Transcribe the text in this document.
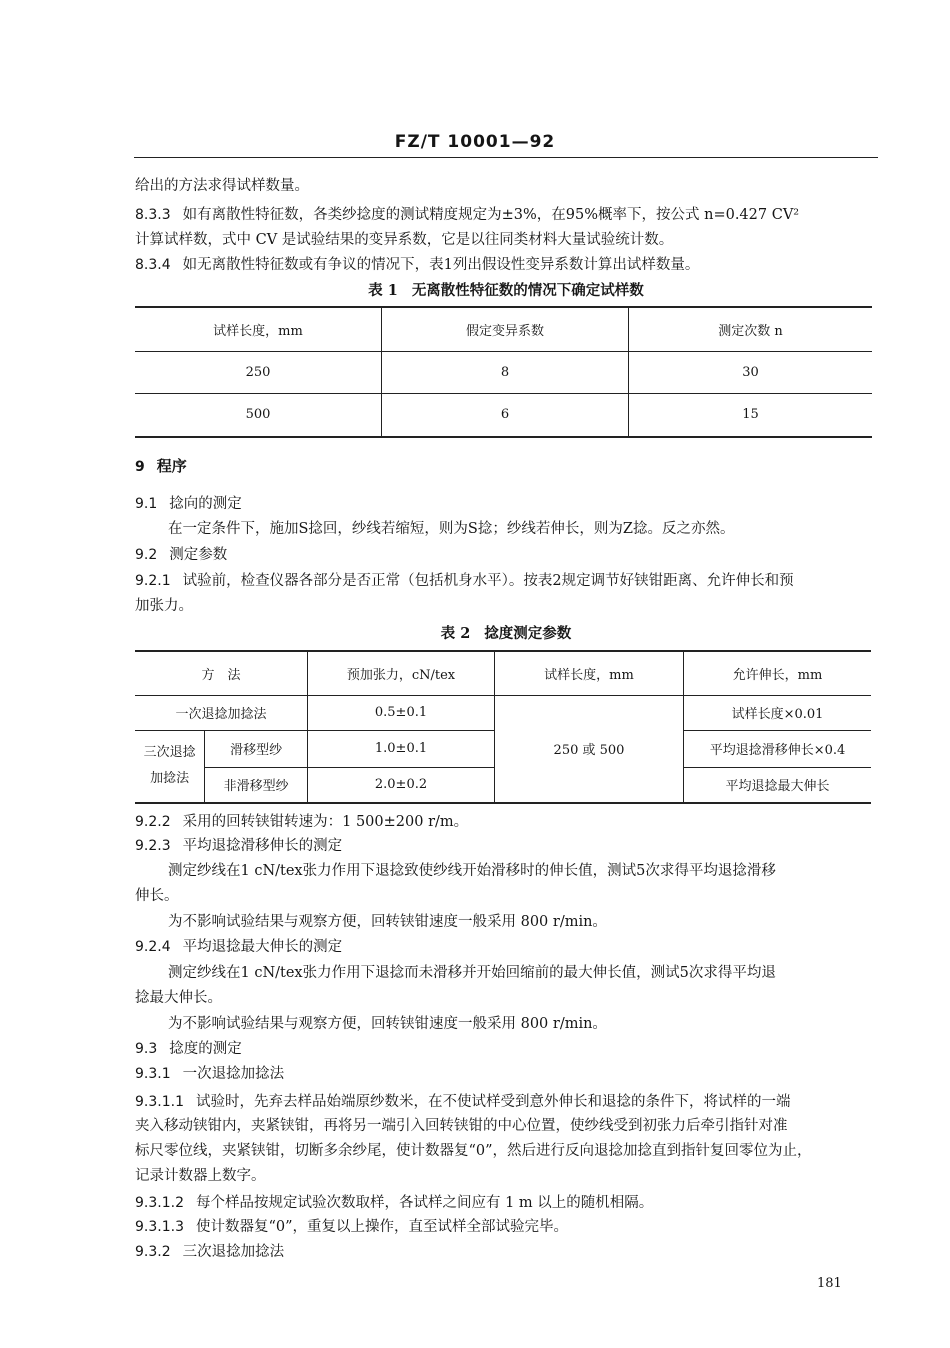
FZ/T 10001—92
给出的方法求得试样数量。
8.3.3 如有离散性特征数，各类纱捻度的测试精度规定为±3%，在95%概率下，按公式 n=0.427 CV²
计算试样数，式中 CV 是试验结果的变异系数，它是以往同类材料大量试验统计数。
8.3.4 如无离散性特征数或有争议的情况下，表1列出假设性变异系数计算出试样数量。
表 1 无离散性特征数的情况下确定试样数
试样长度，mm	假定变异系数	测定次数 n
250	8	30
500	6	15
9 程序
9.1 捻向的测定
在一定条件下，施加S捻回，纱线若缩短，则为S捻；纱线若伸长，则为Z捻。反之亦然。
9.2 测定参数
9.2.1 试验前，检查仪器各部分是否正常（包括机身水平）。按表2规定调节好铗钳距离、允许伸长和预
加张力。
表 2 捻度测定参数
方　法		预加张力，cN/tex	试样长度，mm	允许伸长，mm
一次退捻加捻法		0.5±0.1	250 或 500	试样长度×0.01
三次退捻加捻法	滑移型纱	1.0±0.1		平均退捻滑移伸长×0.4
	非滑移型纱	2.0±0.2		平均退捻最大伸长
9.2.2 采用的回转铗钳转速为：1 500±200 r/m。
9.2.3 平均退捻滑移伸长的测定
测定纱线在1 cN/tex张力作用下退捻致使纱线开始滑移时的伸长值，测试5次求得平均退捻滑移
伸长。
为不影响试验结果与观察方便，回转铗钳速度一般采用 800 r/min。
9.2.4 平均退捻最大伸长的测定
测定纱线在1 cN/tex张力作用下退捻而未滑移并开始回缩前的最大伸长值，测试5次求得平均退
捻最大伸长。
为不影响试验结果与观察方便，回转铗钳速度一般采用 800 r/min。
9.3 捻度的测定
9.3.1 一次退捻加捻法
9.3.1.1 试验时，先弃去样品始端原纱数米，在不使试样受到意外伸长和退捻的条件下，将试样的一端
夹入移动铗钳内，夹紧铗钳，再将另一端引入回转铗钳的中心位置，使纱线受到初张力后牵引指针对准
标尺零位线，夹紧铗钳，切断多余纱尾，使计数器复“0”，然后进行反向退捻加捻直到指针复回零位为止，
记录计数器上数字。
9.3.1.2 每个样品按规定试验次数取样，各试样之间应有 1 m 以上的随机相隔。
9.3.1.3 使计数器复“0”，重复以上操作，直至试样全部试验完毕。
9.3.2 三次退捻加捻法
181
